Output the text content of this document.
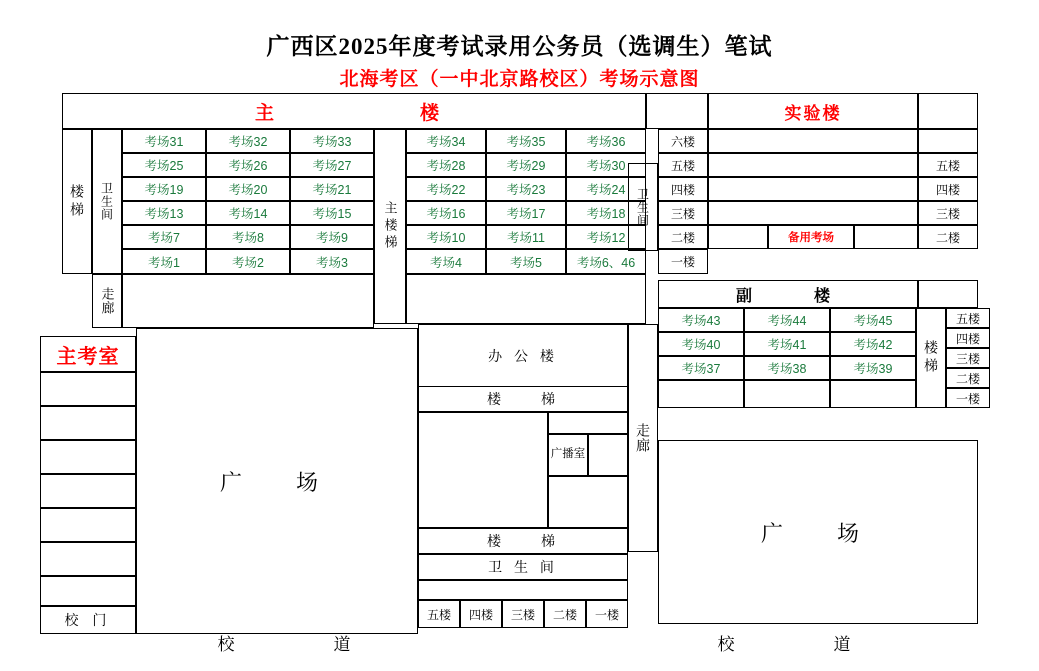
广西区2025年度考试录用公务员（选调生）笔试
北海考区（一中北京路校区）考场示意图
主　　　　楼	实验楼
楼梯	卫生间
考场31	考场32	考场33
考场25	考场26	考场27
考场19	考场20	考场21
考场13	考场14	考场15
考场7	考场8	考场9
考场1	考场2	考场3
主楼梯
考场34	考场35	考场36
考场28	考场29	考场30
考场22	考场23	考场24
考场16	考场17	考场18
考场10	考场11	考场12
考场4	考场5	考场6、46
卫生间
六楼
五楼
四楼
三楼
二楼
一楼
五楼
四楼
三楼
备用考场	二楼
走廊	副　　楼
考场43	考场44	考场45
考场40	考场41	考场42
考场37	考场38	考场39	楼梯
五楼
四楼
三楼
二楼
一楼
走廊
广　场
主考室
校 门
广　场
办 公 楼
楼　　梯
广播室
楼　　梯
卫 生 间
五楼	四楼	三楼	二楼	一楼
校　　　道	校　　　道
